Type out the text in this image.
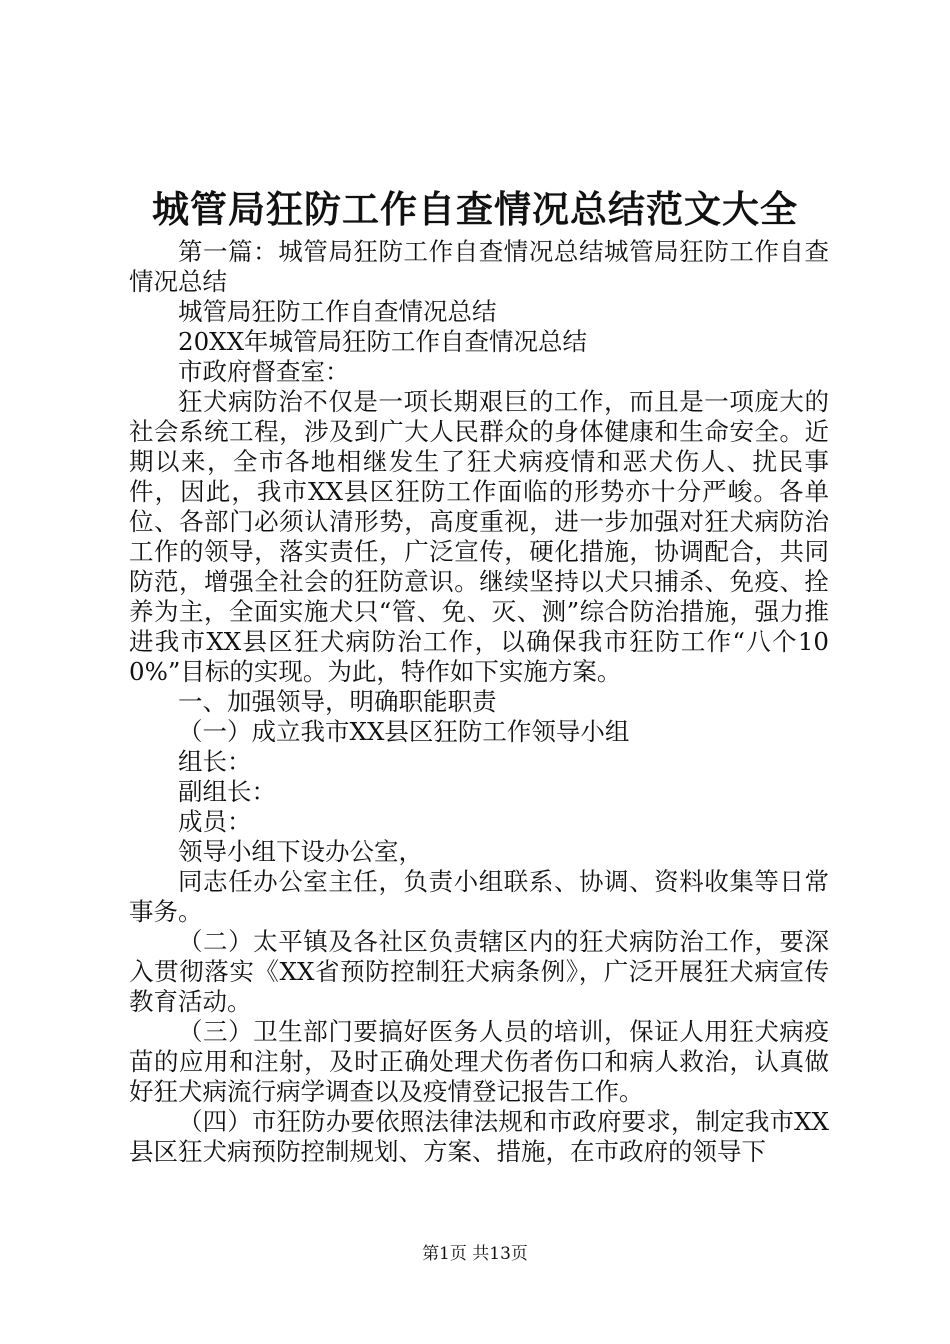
城管局狂防工作自查情况总结范文大全

第一篇：城管局狂防工作自查情况总结城管局狂防工作自查情况总结

城管局狂防工作自查情况总结

20XX年城管局狂防工作自查情况总结

市政府督查室：

狂犬病防治不仅是一项长期艰巨的工作，而且是一项庞大的社会系统工程，涉及到广大人民群众的身体健康和生命安全。近期以来，全市各地相继发生了狂犬病疫情和恶犬伤人、扰民事件，因此，我市XX县区狂防工作面临的形势亦十分严峻。各单位、各部门必须认清形势，高度重视，进一步加强对狂犬病防治工作的领导，落实责任，广泛宣传，硬化措施，协调配合，共同防范，增强全社会的狂防意识。继续坚持以犬只捕杀、免疫、拴养为主，全面实施犬只“管、免、灭、测”综合防治措施，强力推进我市XX县区狂犬病防治工作，以确保我市狂防工作“八个100%”目标的实现。为此，特作如下实施方案。

一、加强领导，明确职能职责

（一）成立我市XX县区狂防工作领导小组

组长：

副组长：

成员：

领导小组下设办公室，

同志任办公室主任，负责小组联系、协调、资料收集等日常事务。

（二）太平镇及各社区负责辖区内的狂犬病防治工作，要深入贯彻落实《XX省预防控制狂犬病条例》，广泛开展狂犬病宣传教育活动。

（三）卫生部门要搞好医务人员的培训，保证人用狂犬病疫苗的应用和注射，及时正确处理犬伤者伤口和病人救治，认真做好狂犬病流行病学调查以及疫情登记报告工作。

（四）市狂防办要依照法律法规和市政府要求，制定我市XX县区狂犬病预防控制规划、方案、措施，在市政府的领导下

第1页 共13页
